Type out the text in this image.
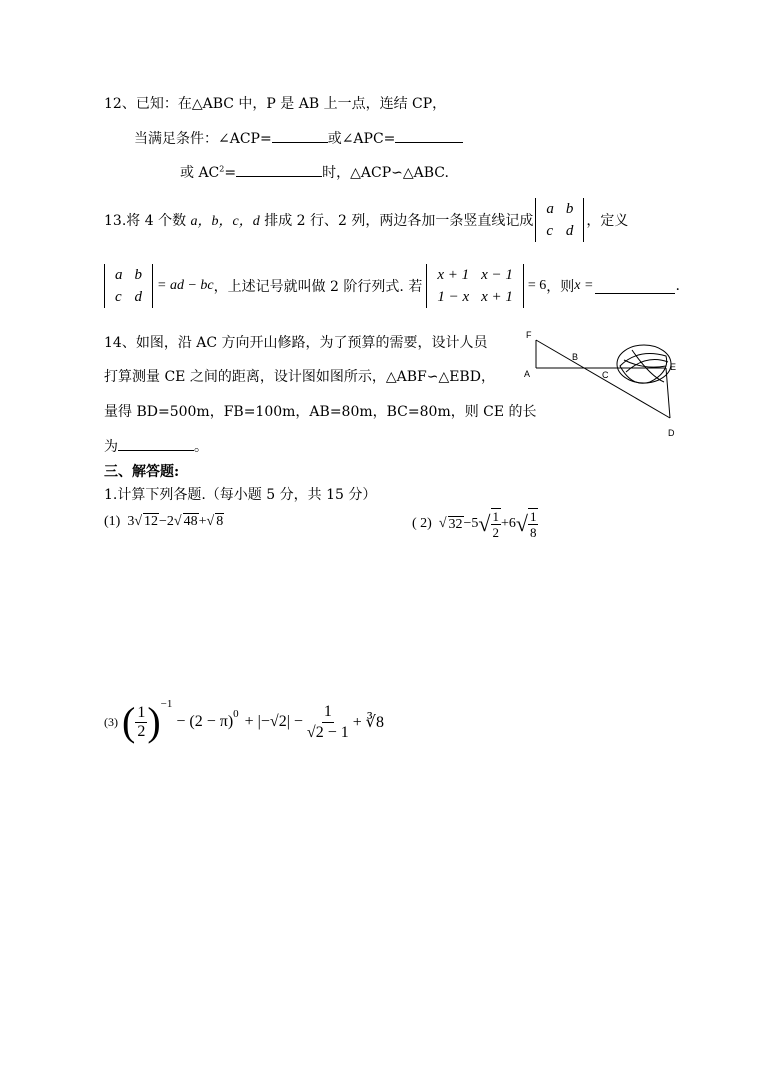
12、已知：在△ABC 中，P 是 AB 上一点，连结 CP，
当满足条件：∠ACP=	或∠APC=
或 $AC^2=$	时，△ACP∽△ABC.
13.将 4 个数
a，b，c，d
排成 2 行、2 列，两边各加一条竖直线记成
a	b
c	d
，定义
a	b
c	d
= ad − bc ，上述记号就叫做 2 阶行列式. 若
x + 1	x − 1
1 − x	x + 1
= 6 ，则 x =	.
14、如图，沿 AC 方向开山修路，为了预算的需要，设计人员
打算测量 CE 之间的距离，设计图如图所示，△ABF∽△EBD，
量得 BD=500m，FB=100m，AB=80m，BC=80m，则 CE 的长
为	。
F
A
B
C
E
D
三、解答题:
1.计算下列各题.（每小题 5 分，共 15 分）
(1) 3√ 12−2√ 48+√ 8	( 2) √ 32 −5 √ $\frac{1}{2} +6$ √ $\frac{1}{8}$
(3)
( $\frac{1}{2} )^{-1}$
− $(2 - \pi)^0 + |-√2| - \frac{1}{√2 - 1}$ + ∛8
